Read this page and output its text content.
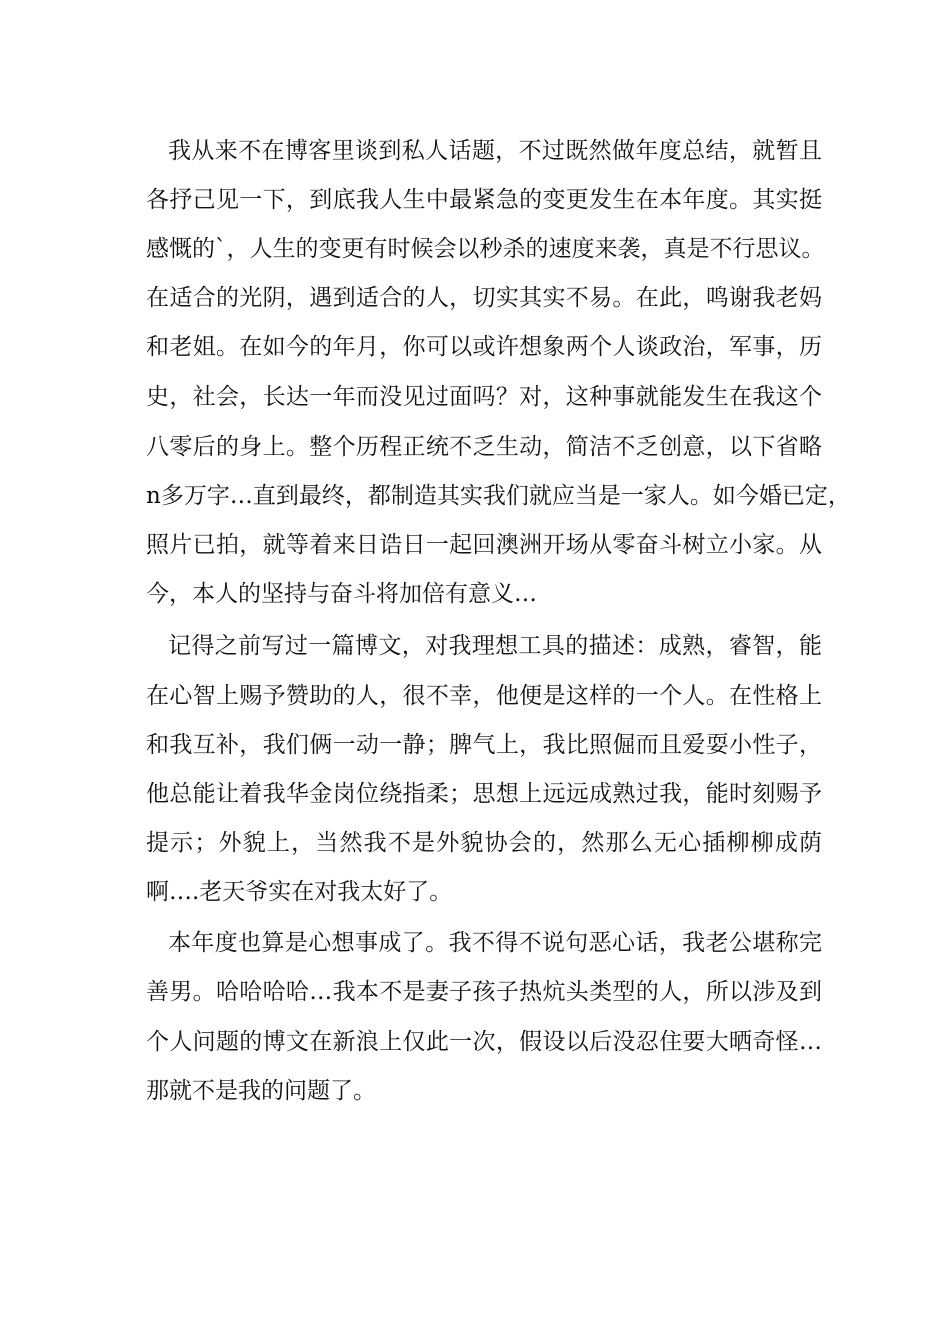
我从来不在博客里谈到私人话题，不过既然做年度总结，就暂且
各抒己见一下，到底我人生中最紧急的变更发生在本年度。其实挺
感慨的`，人生的变更有时候会以秒杀的速度来袭，真是不行思议。
在适合的光阴，遇到适合的人，切实其实不易。在此，鸣谢我老妈
和老姐。在如今的年月，你可以或许想象两个人谈政治，军事，历
史，社会，长达一年而没见过面吗？对，这种事就能发生在我这个
八零后的身上。整个历程正统不乏生动，简洁不乏创意，以下省略
n多万字…直到最终，都制造其实我们就应当是一家人。如今婚已定，
照片已拍，就等着来日诰日一起回澳洲开场从零奋斗树立小家。从
今，本人的坚持与奋斗将加倍有意义…
记得之前写过一篇博文，对我理想工具的描述：成熟，睿智，能
在心智上赐予赞助的人，很不幸，他便是这样的一个人。在性格上
和我互补，我们俩一动一静；脾气上，我比照倔而且爱耍小性子，
他总能让着我华金岗位绕指柔；思想上远远成熟过我，能时刻赐予
提示；外貌上，当然我不是外貌协会的，然那么无心插柳柳成荫
啊….老天爷实在对我太好了。
本年度也算是心想事成了。我不得不说句恶心话，我老公堪称完
善男。哈哈哈哈…我本不是妻子孩子热炕头类型的人，所以涉及到
个人问题的博文在新浪上仅此一次，假设以后没忍住要大晒奇怪…
那就不是我的问题了。
